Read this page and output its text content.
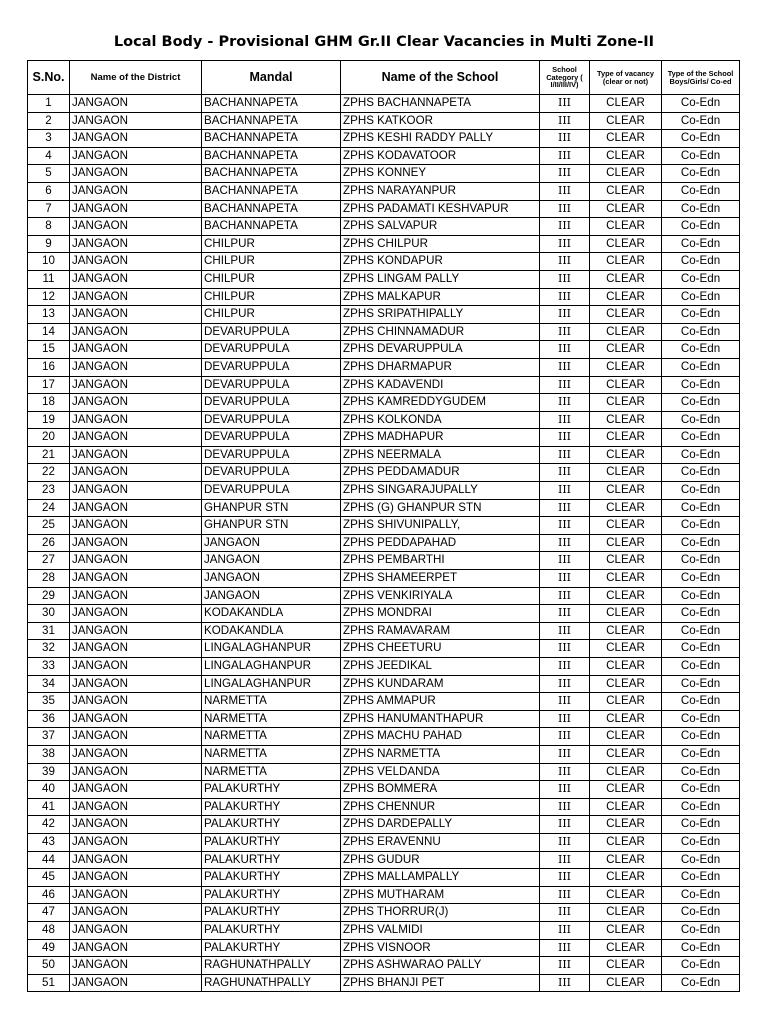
Local Body - Provisional GHM Gr.II Clear Vacancies in Multi Zone-II
S.No.	Name of the District	Mandal	Name of the School	School Category ( I/II/III/IV)	Type of vacancy (clear or not)	Type of the School Boys/Girls/ Co-ed
1	JANGAON	BACHANNAPETA	ZPHS BACHANNAPETA	III	CLEAR	Co-Edn
2	JANGAON	BACHANNAPETA	ZPHS KATKOOR	III	CLEAR	Co-Edn
3	JANGAON	BACHANNAPETA	ZPHS KESHI RADDY PALLY	III	CLEAR	Co-Edn
4	JANGAON	BACHANNAPETA	ZPHS KODAVATOOR	III	CLEAR	Co-Edn
5	JANGAON	BACHANNAPETA	ZPHS KONNEY	III	CLEAR	Co-Edn
6	JANGAON	BACHANNAPETA	ZPHS NARAYANPUR	III	CLEAR	Co-Edn
7	JANGAON	BACHANNAPETA	ZPHS PADAMATI KESHVAPUR	III	CLEAR	Co-Edn
8	JANGAON	BACHANNAPETA	ZPHS SALVAPUR	III	CLEAR	Co-Edn
9	JANGAON	CHILPUR	ZPHS CHILPUR	III	CLEAR	Co-Edn
10	JANGAON	CHILPUR	ZPHS KONDAPUR	III	CLEAR	Co-Edn
11	JANGAON	CHILPUR	ZPHS LINGAM PALLY	III	CLEAR	Co-Edn
12	JANGAON	CHILPUR	ZPHS MALKAPUR	III	CLEAR	Co-Edn
13	JANGAON	CHILPUR	ZPHS SRIPATHIPALLY	III	CLEAR	Co-Edn
14	JANGAON	DEVARUPPULA	ZPHS CHINNAMADUR	III	CLEAR	Co-Edn
15	JANGAON	DEVARUPPULA	ZPHS DEVARUPPULA	III	CLEAR	Co-Edn
16	JANGAON	DEVARUPPULA	ZPHS DHARMAPUR	III	CLEAR	Co-Edn
17	JANGAON	DEVARUPPULA	ZPHS KADAVENDI	III	CLEAR	Co-Edn
18	JANGAON	DEVARUPPULA	ZPHS KAMREDDYGUDEM	III	CLEAR	Co-Edn
19	JANGAON	DEVARUPPULA	ZPHS KOLKONDA	III	CLEAR	Co-Edn
20	JANGAON	DEVARUPPULA	ZPHS MADHAPUR	III	CLEAR	Co-Edn
21	JANGAON	DEVARUPPULA	ZPHS NEERMALA	III	CLEAR	Co-Edn
22	JANGAON	DEVARUPPULA	ZPHS PEDDAMADUR	III	CLEAR	Co-Edn
23	JANGAON	DEVARUPPULA	ZPHS SINGARAJUPALLY	III	CLEAR	Co-Edn
24	JANGAON	GHANPUR STN	ZPHS (G) GHANPUR STN	III	CLEAR	Co-Edn
25	JANGAON	GHANPUR STN	ZPHS SHIVUNIPALLY,	III	CLEAR	Co-Edn
26	JANGAON	JANGAON	ZPHS PEDDAPAHAD	III	CLEAR	Co-Edn
27	JANGAON	JANGAON	ZPHS PEMBARTHI	III	CLEAR	Co-Edn
28	JANGAON	JANGAON	ZPHS SHAMEERPET	III	CLEAR	Co-Edn
29	JANGAON	JANGAON	ZPHS VENKIRIYALA	III	CLEAR	Co-Edn
30	JANGAON	KODAKANDLA	ZPHS MONDRAI	III	CLEAR	Co-Edn
31	JANGAON	KODAKANDLA	ZPHS RAMAVARAM	III	CLEAR	Co-Edn
32	JANGAON	LINGALAGHANPUR	ZPHS CHEETURU	III	CLEAR	Co-Edn
33	JANGAON	LINGALAGHANPUR	ZPHS JEEDIKAL	III	CLEAR	Co-Edn
34	JANGAON	LINGALAGHANPUR	ZPHS KUNDARAM	III	CLEAR	Co-Edn
35	JANGAON	NARMETTA	ZPHS AMMAPUR	III	CLEAR	Co-Edn
36	JANGAON	NARMETTA	ZPHS HANUMANTHAPUR	III	CLEAR	Co-Edn
37	JANGAON	NARMETTA	ZPHS MACHU PAHAD	III	CLEAR	Co-Edn
38	JANGAON	NARMETTA	ZPHS NARMETTA	III	CLEAR	Co-Edn
39	JANGAON	NARMETTA	ZPHS VELDANDA	III	CLEAR	Co-Edn
40	JANGAON	PALAKURTHY	ZPHS BOMMERA	III	CLEAR	Co-Edn
41	JANGAON	PALAKURTHY	ZPHS CHENNUR	III	CLEAR	Co-Edn
42	JANGAON	PALAKURTHY	ZPHS DARDEPALLY	III	CLEAR	Co-Edn
43	JANGAON	PALAKURTHY	ZPHS ERAVENNU	III	CLEAR	Co-Edn
44	JANGAON	PALAKURTHY	ZPHS GUDUR	III	CLEAR	Co-Edn
45	JANGAON	PALAKURTHY	ZPHS MALLAMPALLY	III	CLEAR	Co-Edn
46	JANGAON	PALAKURTHY	ZPHS MUTHARAM	III	CLEAR	Co-Edn
47	JANGAON	PALAKURTHY	ZPHS THORRUR(J)	III	CLEAR	Co-Edn
48	JANGAON	PALAKURTHY	ZPHS VALMIDI	III	CLEAR	Co-Edn
49	JANGAON	PALAKURTHY	ZPHS VISNOOR	III	CLEAR	Co-Edn
50	JANGAON	RAGHUNATHPALLY	ZPHS ASHWARAO PALLY	III	CLEAR	Co-Edn
51	JANGAON	RAGHUNATHPALLY	ZPHS BHANJI PET	III	CLEAR	Co-Edn
